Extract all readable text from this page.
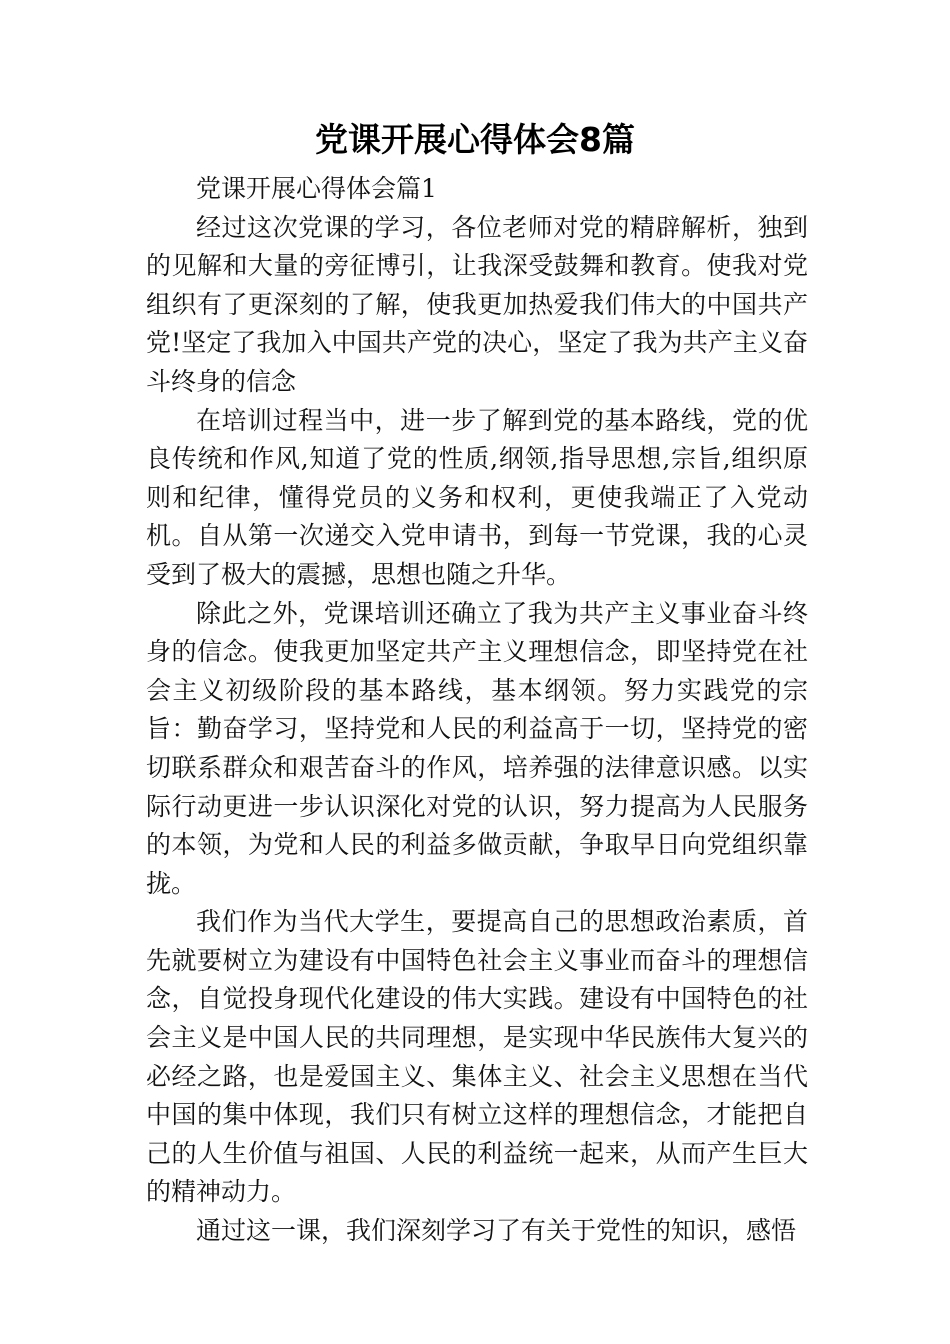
党课开展心得体会8篇

党课开展心得体会篇1

经过这次党课的学习，各位老师对党的精辟解析，独到的见解和大量的旁征博引，让我深受鼓舞和教育。使我对党组织有了更深刻的了解，使我更加热爱我们伟大的中国共产党!坚定了我加入中国共产党的决心，坚定了我为共产主义奋斗终身的信念

在培训过程当中，进一步了解到党的基本路线，党的优良传统和作风,知道了党的性质,纲领,指导思想,宗旨,组织原则和纪律，懂得党员的义务和权利，更使我端正了入党动机。自从第一次递交入党申请书，到每一节党课，我的心灵受到了极大的震撼，思想也随之升华。

除此之外，党课培训还确立了我为共产主义事业奋斗终身的信念。使我更加坚定共产主义理想信念，即坚持党在社会主义初级阶段的基本路线，基本纲领。努力实践党的宗旨：勤奋学习，坚持党和人民的利益高于一切，坚持党的密切联系群众和艰苦奋斗的作风，培养强的法律意识感。以实际行动更进一步认识深化对党的认识，努力提高为人民服务的本领，为党和人民的利益多做贡献，争取早日向党组织靠拢。

我们作为当代大学生，要提高自己的思想政治素质，首先就要树立为建设有中国特色社会主义事业而奋斗的理想信念，自觉投身现代化建设的伟大实践。建设有中国特色的社会主义是中国人民的共同理想，是实现中华民族伟大复兴的必经之路，也是爱国主义、集体主义、社会主义思想在当代中国的集中体现，我们只有树立这样的理想信念，才能把自己的人生价值与祖国、人民的利益统一起来，从而产生巨大的精神动力。

通过这一课，我们深刻学习了有关于党性的知识，感悟
